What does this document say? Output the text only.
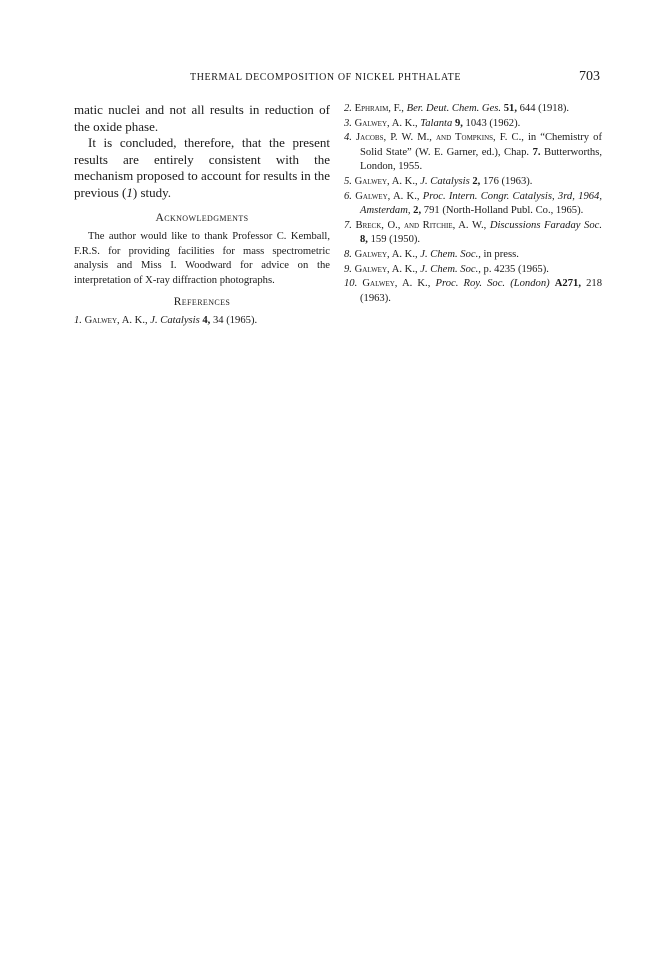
THERMAL DECOMPOSITION OF NICKEL PHTHALATE	703

matic nuclei and not all results in reduction of the oxide phase.

It is concluded, therefore, that the present results are entirely consistent with the mechanism proposed to account for results in the previous (1) study.

Acknowledgments

The author would like to thank Professor C. Kemball, F.R.S. for providing facilities for mass spectrometric analysis and Miss I. Woodward for advice on the interpretation of X-ray diffraction photographs.

References

1. Galwey, A. K., J. Catalysis 4, 34 (1965).
2. Ephraim, F., Ber. Deut. Chem. Ges. 51, 644 (1918).
3. Galwey, A. K., Talanta 9, 1043 (1962).
4. Jacobs, P. W. M., and Tompkins, F. C., in “Chemistry of Solid State” (W. E. Garner, ed.), Chap. 7. Butterworths, London, 1955.
5. Galwey, A. K., J. Catalysis 2, 176 (1963).
6. Galwey, A. K., Proc. Intern. Congr. Catalysis, 3rd, 1964, Amsterdam, 2, 791 (North-Holland Publ. Co., 1965).
7. Breck, O., and Ritchie, A. W., Discussions Faraday Soc. 8, 159 (1950).
8. Galwey, A. K., J. Chem. Soc., in press.
9. Galwey, A. K., J. Chem. Soc., p. 4235 (1965).
10. Galwey, A. K., Proc. Roy. Soc. (London) A271, 218 (1963).
